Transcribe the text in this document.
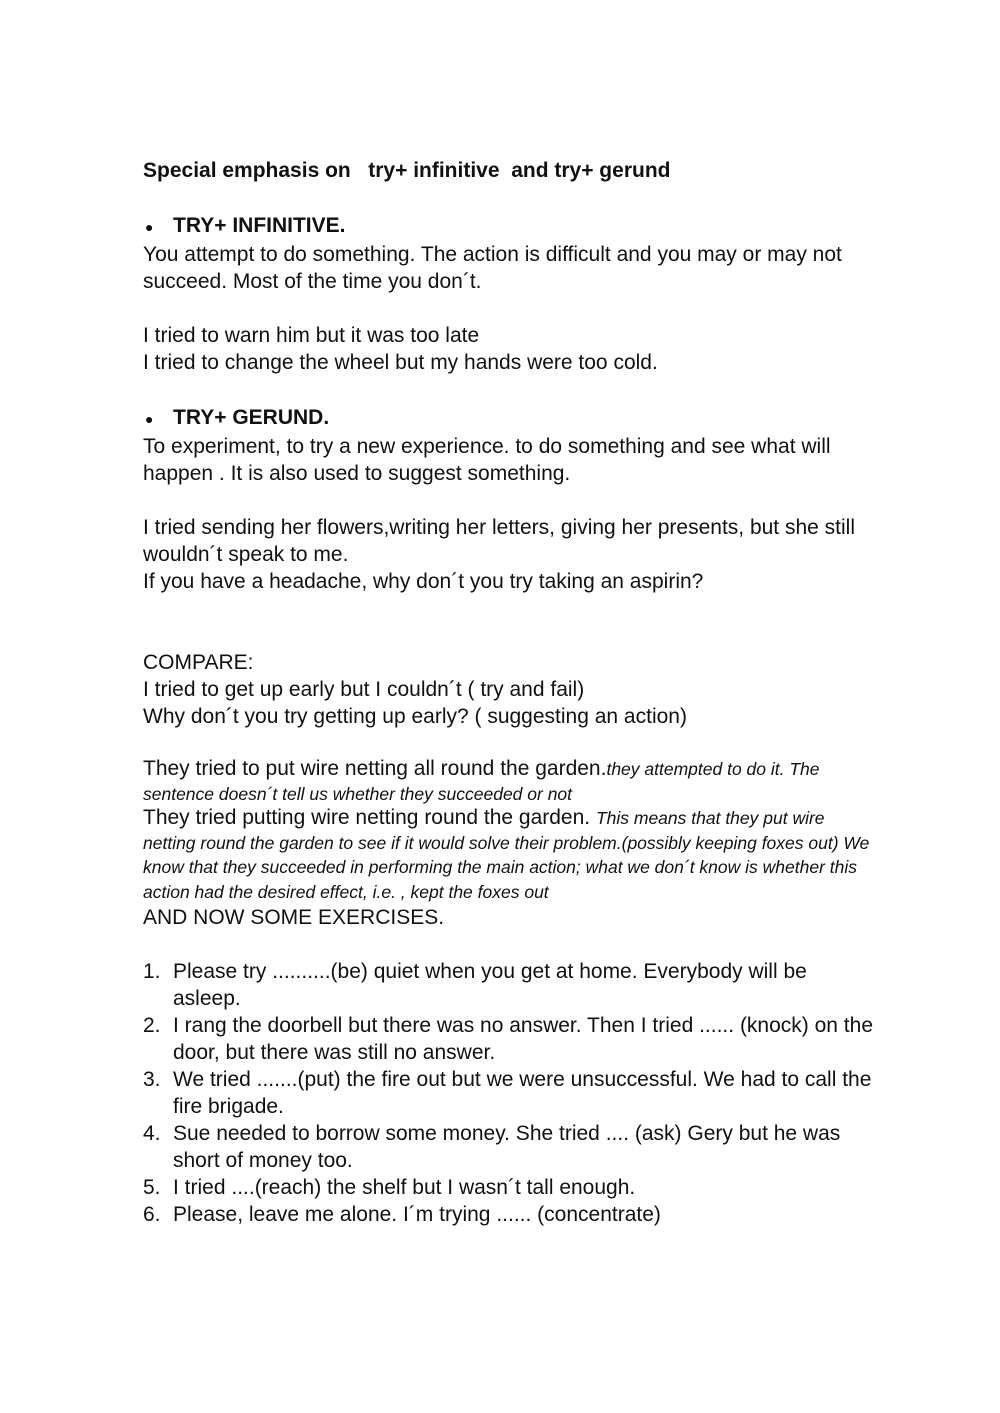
Special emphasis on   try+ infinitive  and try+ gerund

● TRY+ INFINITIVE.

You attempt to do something. The action is difficult and you may or may not succeed. Most of the time you don´t.

I tried to warn him but it was too late

I tried to change the wheel but my hands were too cold.

● TRY+ GERUND.

To experiment, to try a new experience. to do something and see what will happen . It is also used to suggest something.

I tried sending her flowers,writing her letters, giving her presents, but she still wouldn´t speak to me.

If you have a headache, why don´t you try taking an aspirin?

COMPARE:

I tried to get up early but I couldn´t ( try and fail)

Why don´t you try getting up early? ( suggesting an action)

They tried to put wire netting all round the garden.they attempted to do it. The sentence doesn´t tell us whether they succeeded or not

They tried putting wire netting round the garden. This means that they put wire netting round the garden to see if it would solve their problem.(possibly keeping foxes out) We know that they succeeded in performing the main action; what we don´t know is whether this action had the desired effect, i.e. , kept the foxes out

AND NOW SOME EXERCISES.

1. Please try ..........(be) quiet when you get at home. Everybody will be asleep.
2. I rang the doorbell but there was no answer. Then I tried ...... (knock) on the door, but there was still no answer.
3. We tried .......(put) the fire out but we were unsuccessful. We had to call the fire brigade.
4. Sue needed to borrow some money. She tried .... (ask) Gery but he was short of money too.
5. I tried ....(reach) the shelf but I wasn´t tall enough.
6. Please, leave me alone. I´m trying ...... (concentrate)
